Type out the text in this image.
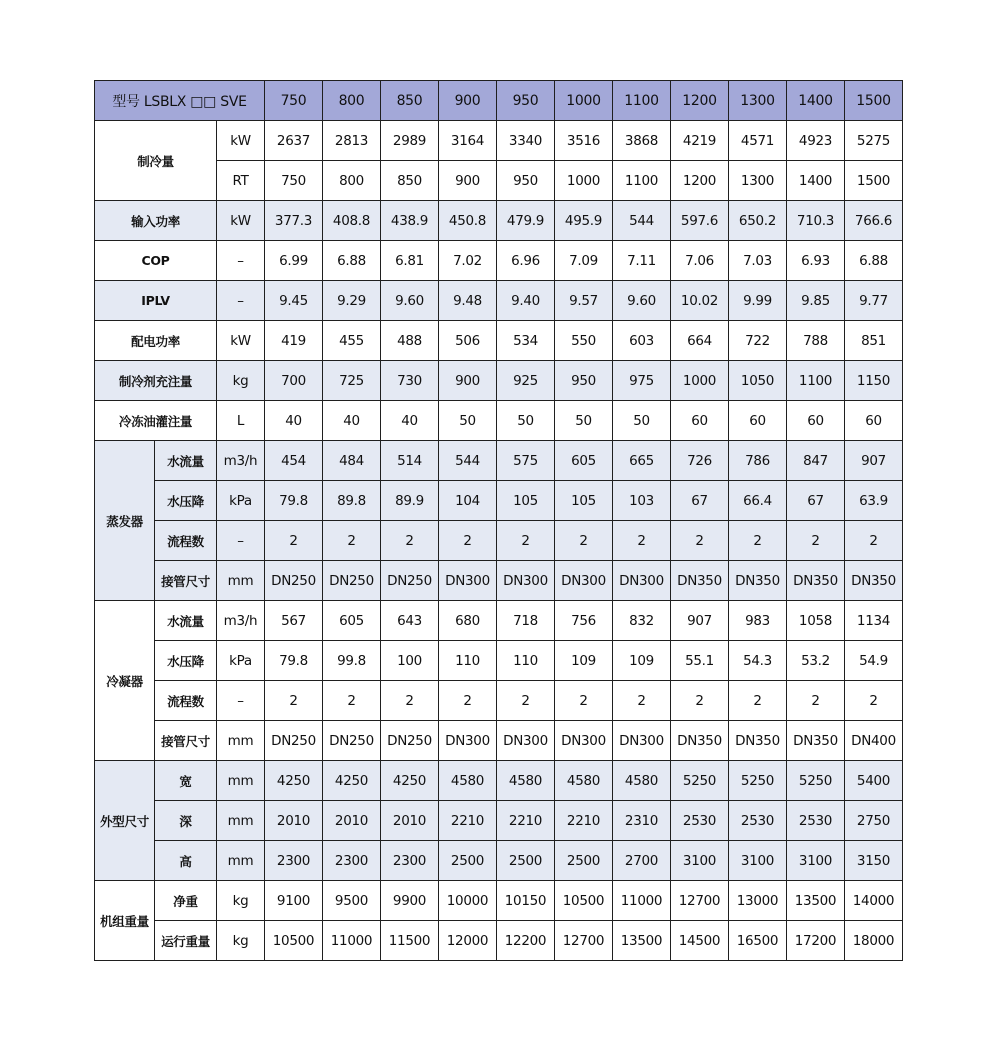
型号 LSBLX □□ SVE			750	800	850	900	950	1000	1100	1200	1300	1400	1500
制冷量		kW	2637	2813	2989	3164	3340	3516	3868	4219	4571	4923	5275
		RT	750	800	850	900	950	1000	1100	1200	1300	1400	1500
输入功率		kW	377.3	408.8	438.9	450.8	479.9	495.9	544	597.6	650.2	710.3	766.6
COP		–	6.99	6.88	6.81	7.02	6.96	7.09	7.11	7.06	7.03	6.93	6.88
IPLV		–	9.45	9.29	9.60	9.48	9.40	9.57	9.60	10.02	9.99	9.85	9.77
配电功率		kW	419	455	488	506	534	550	603	664	722	788	851
制冷剂充注量		kg	700	725	730	900	925	950	975	1000	1050	1100	1150
冷冻油灌注量		L	40	40	40	50	50	50	50	60	60	60	60
蒸发器	水流量	m3/h	454	484	514	544	575	605	665	726	786	847	907
	水压降	kPa	79.8	89.8	89.9	104	105	105	103	67	66.4	67	63.9
	流程数	–	2	2	2	2	2	2	2	2	2	2	2
	接管尺寸	mm	DN250	DN250	DN250	DN300	DN300	DN300	DN300	DN350	DN350	DN350	DN350
冷凝器	水流量	m3/h	567	605	643	680	718	756	832	907	983	1058	1134
	水压降	kPa	79.8	99.8	100	110	110	109	109	55.1	54.3	53.2	54.9
	流程数	–	2	2	2	2	2	2	2	2	2	2	2
	接管尺寸	mm	DN250	DN250	DN250	DN300	DN300	DN300	DN300	DN350	DN350	DN350	DN400
外型尺寸	宽	mm	4250	4250	4250	4580	4580	4580	4580	5250	5250	5250	5400
	深	mm	2010	2010	2010	2210	2210	2210	2310	2530	2530	2530	2750
	高	mm	2300	2300	2300	2500	2500	2500	2700	3100	3100	3100	3150
机组重量	净重	kg	9100	9500	9900	10000	10150	10500	11000	12700	13000	13500	14000
	运行重量	kg	10500	11000	11500	12000	12200	12700	13500	14500	16500	17200	18000
